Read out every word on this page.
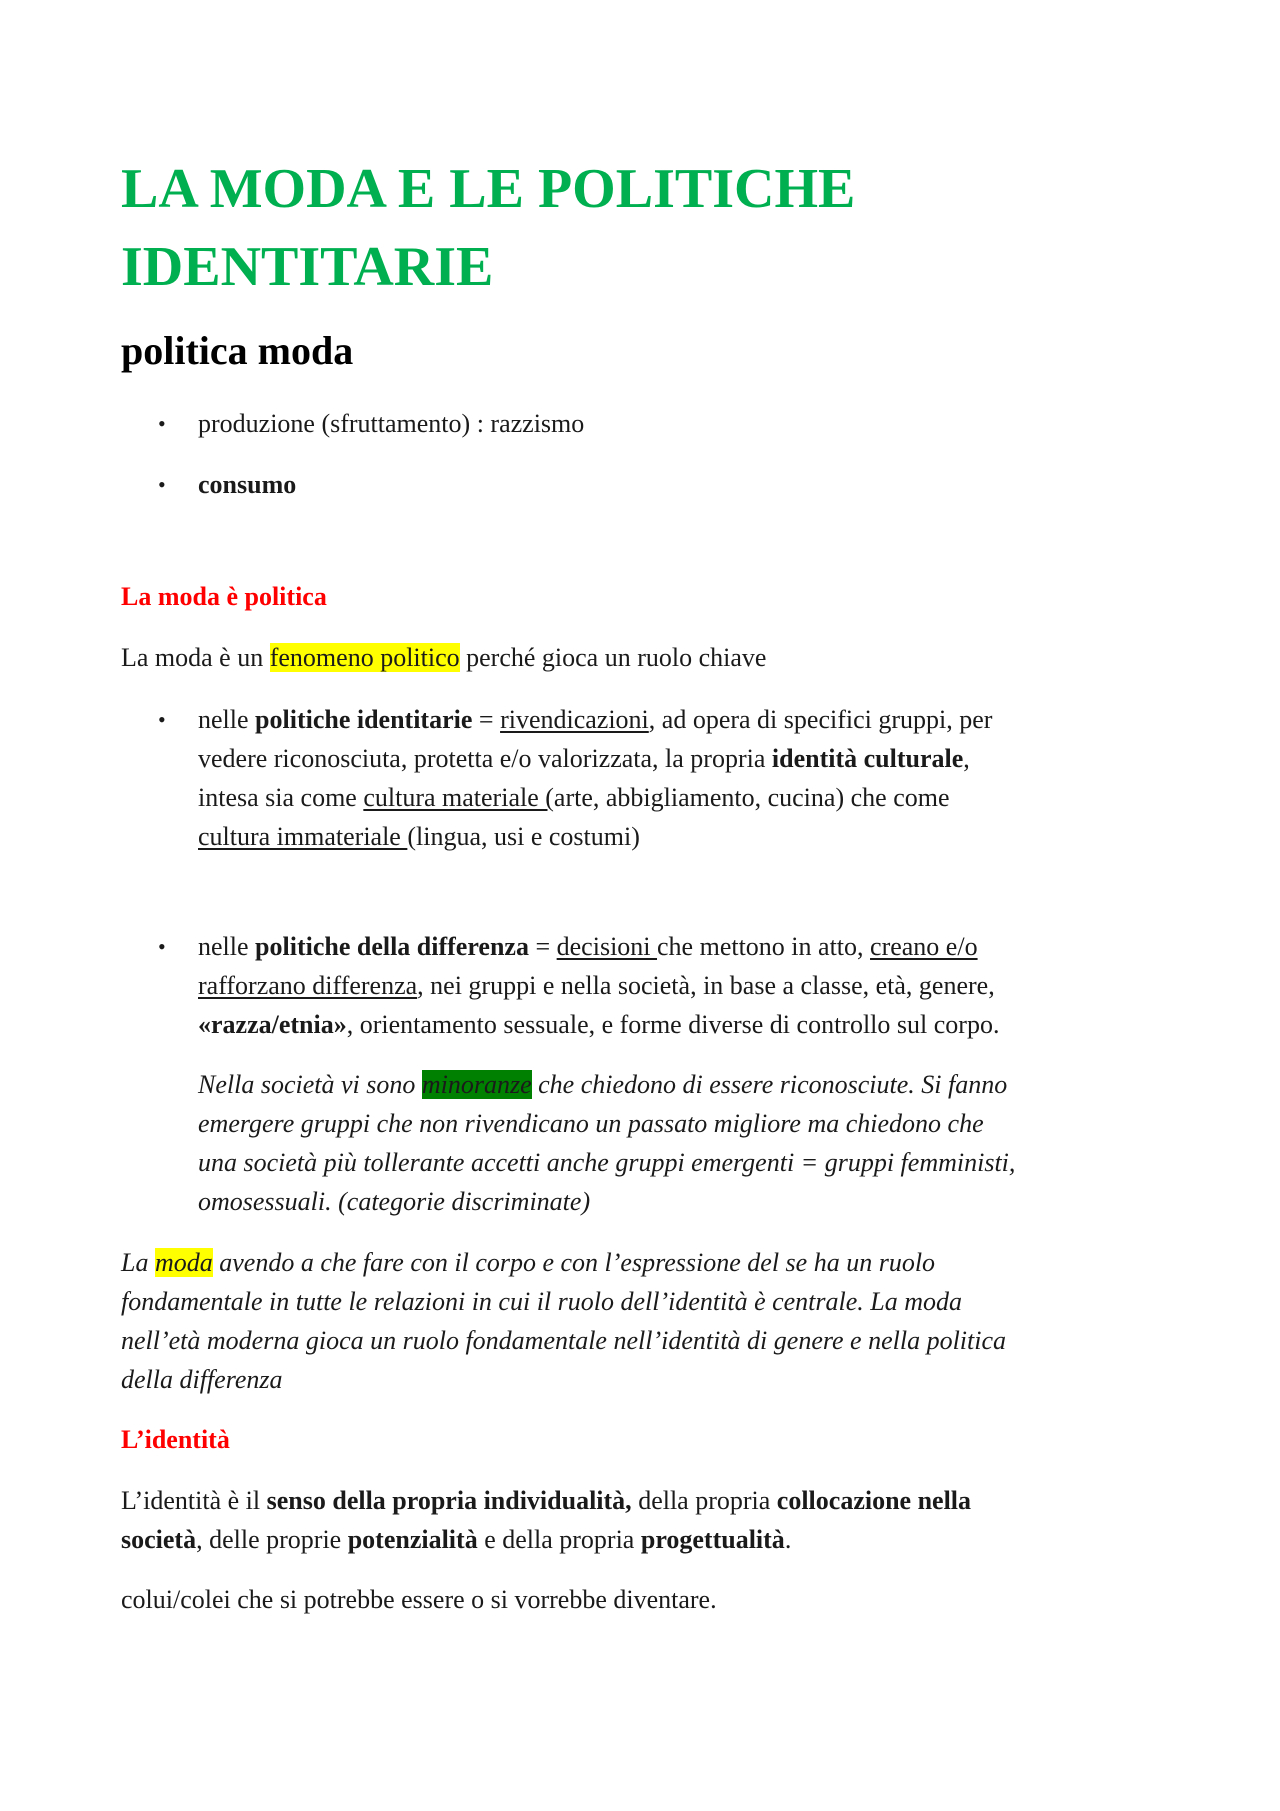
LA MODA E LE POLITICHE IDENTITARIE
politica moda
• produzione (sfruttamento) : razzismo

• consumo

La moda è politica

La moda è un fenomeno politico perché gioca un ruolo chiave

• nelle politiche identitarie = rivendicazioni, ad opera di specifici gruppi, per
vedere riconosciuta, protetta e/o valorizzata, la propria identità culturale,
intesa sia come cultura materiale (arte, abbigliamento, cucina) che come
cultura immateriale (lingua, usi e costumi)
• nelle politiche della differenza = decisioni che mettono in atto, creano e/o
rafforzano differenza, nei gruppi e nella società, in base a classe, età, genere,
«razza/etnia», orientamento sessuale, e forme diverse di controllo sul corpo.
Nella società vi sono minoranze che chiedono di essere riconosciute. Si fanno
emergere gruppi che non rivendicano un passato migliore ma chiedono che
una società più tollerante accetti anche gruppi emergenti = gruppi femministi,
omosessuali. (categorie discriminate)
La moda avendo a che fare con il corpo e con l’espressione del se ha un ruolo
fondamentale in tutte le relazioni in cui il ruolo dell’identità è centrale. La moda
nell’età moderna gioca un ruolo fondamentale nell’identità di genere e nella politica
della differenza

L’identità

L’identità è il senso della propria individualità, della propria collocazione nella
società, delle proprie potenzialità e della propria progettualità.

colui/colei che si potrebbe essere o si vorrebbe diventare.
